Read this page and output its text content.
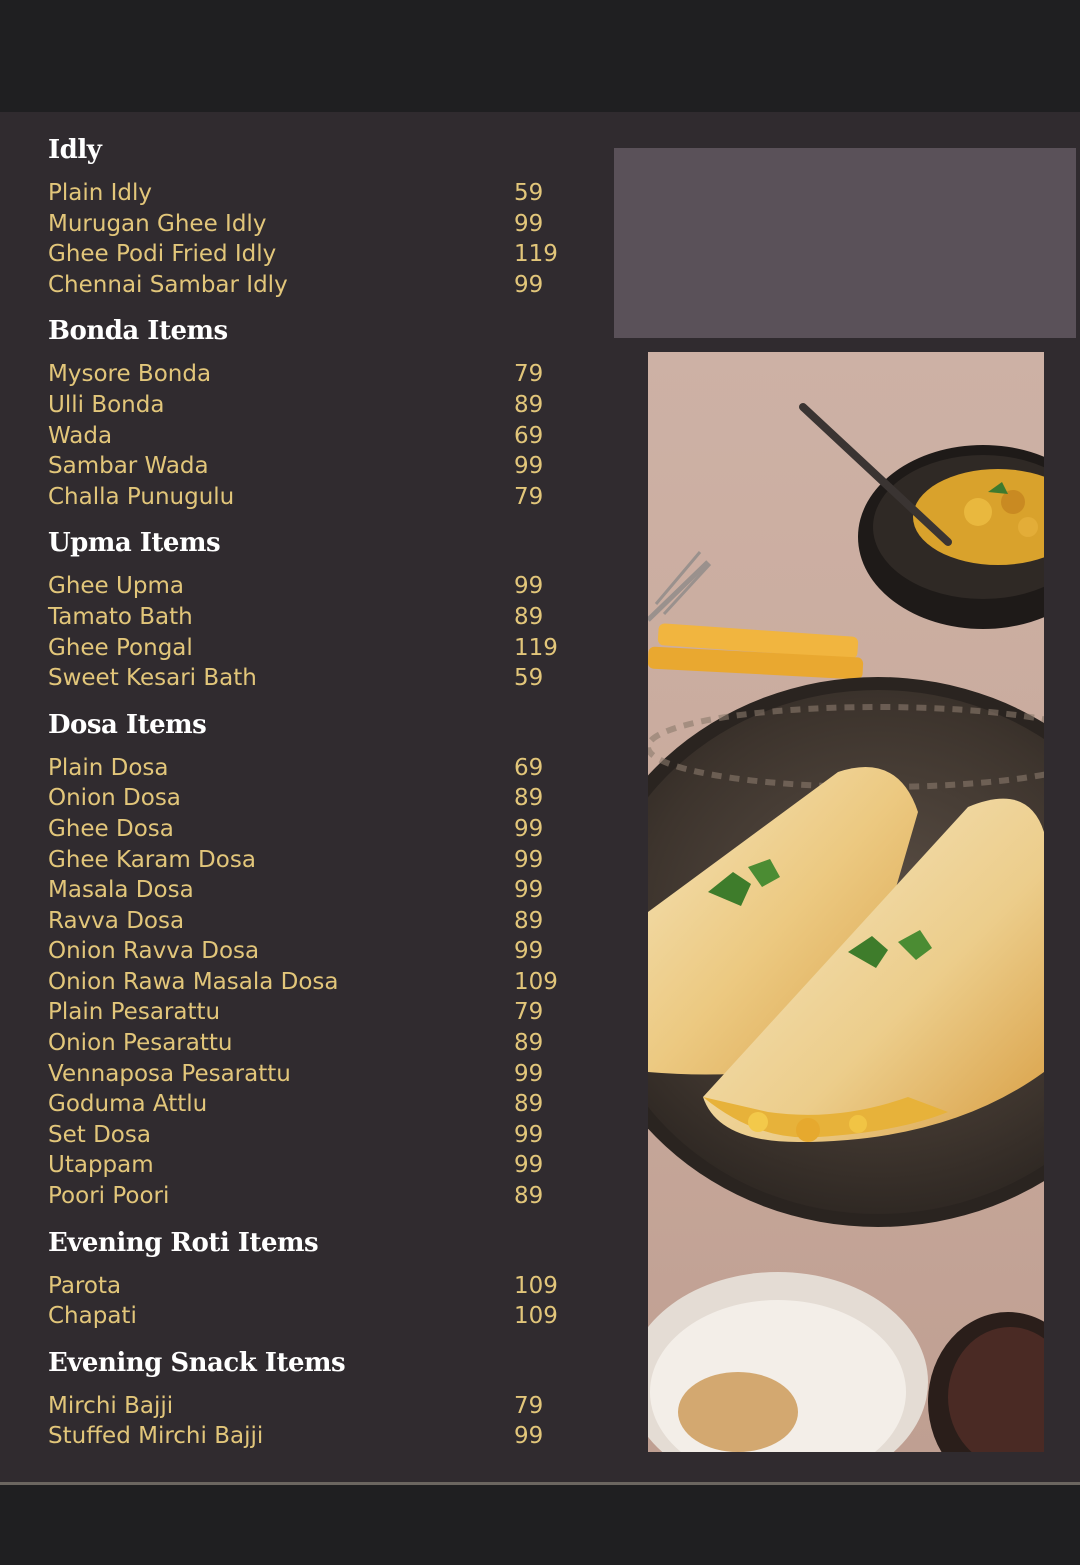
Idly
Plain Idly	59
Murugan Ghee Idly	99
Ghee Podi Fried Idly	119
Chennai Sambar Idly	99
Bonda Items
Mysore Bonda	79
Ulli Bonda	89
Wada	69
Sambar Wada	99
Challa Punugulu	79
Upma Items
Ghee Upma	99
Tamato Bath	89
Ghee Pongal	119
Sweet Kesari Bath	59
Dosa Items
Plain Dosa	69
Onion Dosa	89
Ghee Dosa	99
Ghee Karam Dosa	99
Masala Dosa	99
Ravva Dosa	89
Onion Ravva Dosa	99
Onion Rawa Masala Dosa	109
Plain Pesarattu	79
Onion Pesarattu	89
Vennaposa Pesarattu	99
Goduma Attlu	89
Set Dosa	99
Utappam	99
Poori Poori	89
Evening Roti Items
Parota	109
Chapati	109
Evening Snack Items
Mirchi Bajji	79
Stuffed Mirchi Bajji	99
